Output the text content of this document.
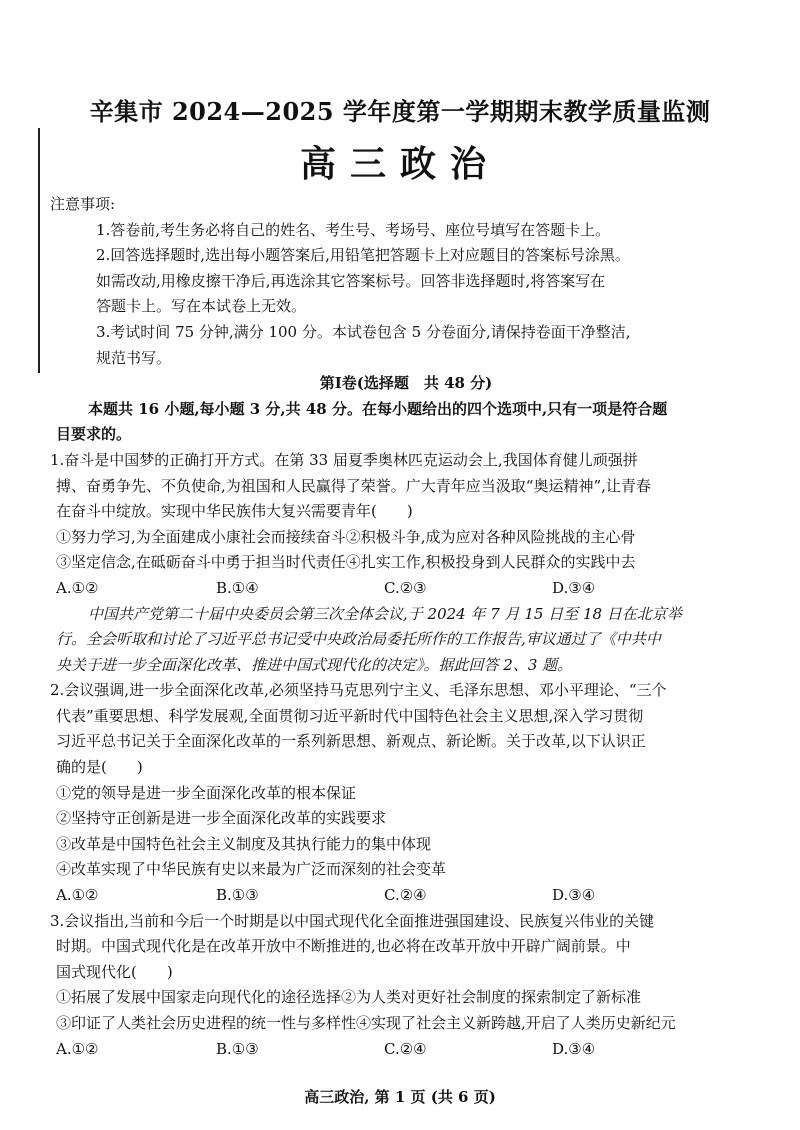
辛集市 2024—2025 学年度第一学期期末教学质量监测
高三政治
注意事项:
1.答卷前,考生务必将自己的姓名、考生号、考场号、座位号填写在答题卡上。
2.回答选择题时,选出每小题答案后,用铅笔把答题卡上对应题目的答案标号涂黑。
如需改动,用橡皮擦干净后,再选涂其它答案标号。回答非选择题时,将答案写在
答题卡上。写在本试卷上无效。
3.考试时间 75 分钟,满分 100 分。本试卷包含 5 分卷面分,请保持卷面干净整洁,
规范书写。
第Ⅰ卷(选择题　共 48 分)
本题共 16 小题,每小题 3 分,共 48 分。在每小题给出的四个选项中,只有一项是符合题
目要求的。
1.奋斗是中国梦的正确打开方式。在第 33 届夏季奥林匹克运动会上,我国体育健儿顽强拼
搏、奋勇争先、不负使命,为祖国和人民赢得了荣誉。广大青年应当汲取“奥运精神”,让青春
在奋斗中绽放。实现中华民族伟大复兴需要青年(　　)
①努力学习,为全面建成小康社会而接续奋斗②积极斗争,成为应对各种风险挑战的主心骨
③坚定信念,在砥砺奋斗中勇于担当时代责任④扎实工作,积极投身到人民群众的实践中去
A.①②	B.①④	C.②③	D.③④
中国共产党第二十届中央委员会第三次全体会议,于 2024 年 7 月 15 日至 18 日在北京举
行。全会听取和讨论了习近平总书记受中央政治局委托所作的工作报告,审议通过了《中共中
央关于进一步全面深化改革、推进中国式现代化的决定》。据此回答 2、3 题。
2.会议强调,进一步全面深化改革,必须坚持马克思列宁主义、毛泽东思想、邓小平理论、“三个
代表”重要思想、科学发展观,全面贯彻习近平新时代中国特色社会主义思想,深入学习贯彻
习近平总书记关于全面深化改革的一系列新思想、新观点、新论断。关于改革,以下认识正
确的是(　　)
①党的领导是进一步全面深化改革的根本保证
②坚持守正创新是进一步全面深化改革的实践要求
③改革是中国特色社会主义制度及其执行能力的集中体现
④改革实现了中华民族有史以来最为广泛而深刻的社会变革
A.①②	B.①③	C.②④	D.③④
3.会议指出,当前和今后一个时期是以中国式现代化全面推进强国建设、民族复兴伟业的关键
时期。中国式现代化是在改革开放中不断推进的,也必将在改革开放中开辟广阔前景。中
国式现代化(　　)
①拓展了发展中国家走向现代化的途径选择②为人类对更好社会制度的探索制定了新标准
③印证了人类社会历史进程的统一性与多样性④实现了社会主义新跨越,开启了人类历史新纪元
A.①②	B.①③	C.②④	D.③④
高三政治, 第 1 页 (共 6 页)
